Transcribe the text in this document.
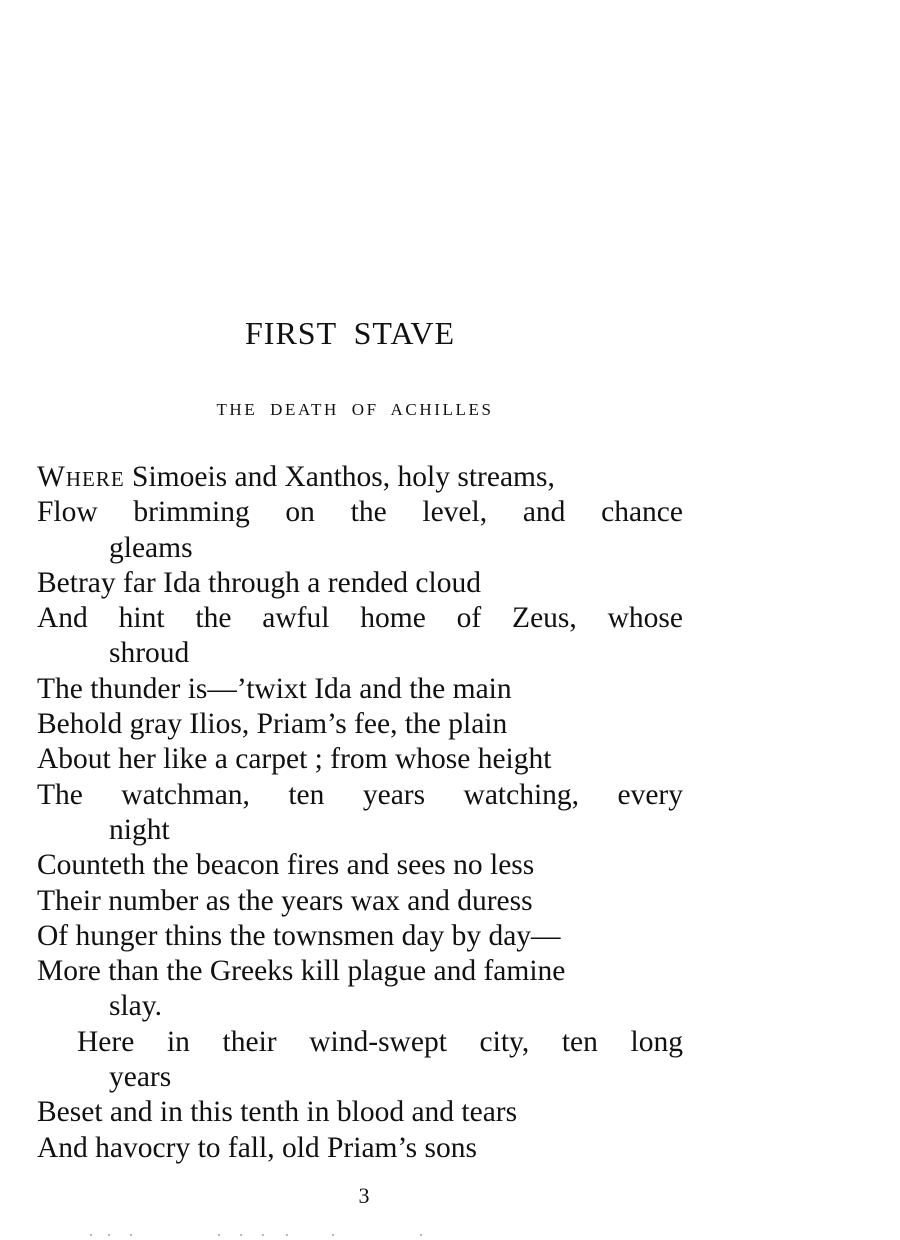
FIRST STAVE
THE DEATH OF ACHILLES
Where Simoeis and Xanthos, holy streams,
Flow brimming on the level, and chance
gleams
Betray far Ida through a rended cloud
And hint the awful home of Zeus, whose
shroud
The thunder is—’twixt Ida and the main
Behold gray Ilios, Priam’s fee, the plain
About her like a carpet ; from whose height
The watchman, ten years watching, every
night
Counteth the beacon fires and sees no less
Their number as the years wax and duress
Of hunger thins the townsmen day by day—
More than the Greeks kill plague and famine
slay.
Here in their wind-swept city, ten long
years
Beset and in this tenth in blood and tears
And havocry to fall, old Priam’s sons
3
